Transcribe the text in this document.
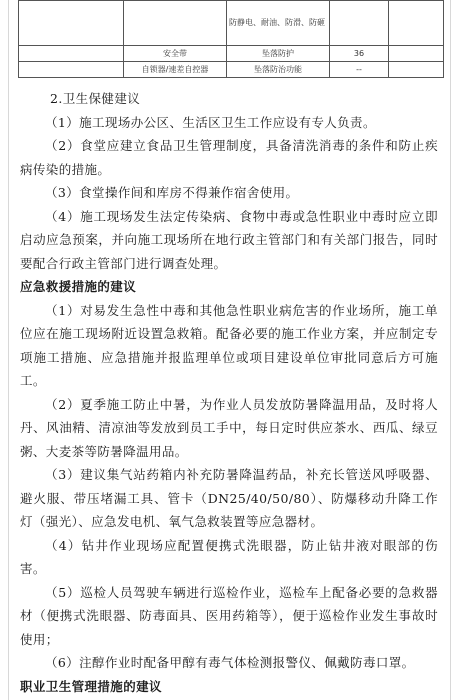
		防静电、耐油、防滑、防砸		
	安全带	坠落防护	36	
	自锁器/速差自控器	坠落防治功能	--	

2.卫生保健建议

（1）施工现场办公区、生活区卫生工作应设有专人负责。

（2）食堂应建立食品卫生管理制度，具备清洗消毒的条件和防止疾病传染的措施。

（3）食堂操作间和库房不得兼作宿舍使用。

（4）施工现场发生法定传染病、食物中毒或急性职业中毒时应立即启动应急预案，并向施工现场所在地行政主管部门和有关部门报告，同时要配合行政主管部门进行调查处理。

应急救援措施的建议

（1）对易发生急性中毒和其他急性职业病危害的作业场所，施工单位应在施工现场附近设置急救箱。配备必要的施工作业方案，并应制定专项施工措施、应急措施并报监理单位或项目建设单位审批同意后方可施工。

（2）夏季施工防止中暑，为作业人员发放防暑降温用品，及时将人丹、风油精、清凉油等发放到员工手中，每日定时供应茶水、西瓜、绿豆粥、大麦茶等防暑降温用品。

（3）建议集气站药箱内补充防暑降温药品，补充长管送风呼吸器、避火服、带压堵漏工具、管卡（DN25/40/50/80）、防爆移动升降工作灯（强光）、应急发电机、氧气急救装置等应急器材。

（4）钻井作业现场应配置便携式洗眼器，防止钻井液对眼部的伤害。

（5）巡检人员驾驶车辆进行巡检作业，巡检车上配备必要的急救器材（便携式洗眼器、防毒面具、医用药箱等），便于巡检作业发生事故时使用；

（6）注醇作业时配备甲醇有毒气体检测报警仪、佩戴防毒口罩。

职业卫生管理措施的建议
